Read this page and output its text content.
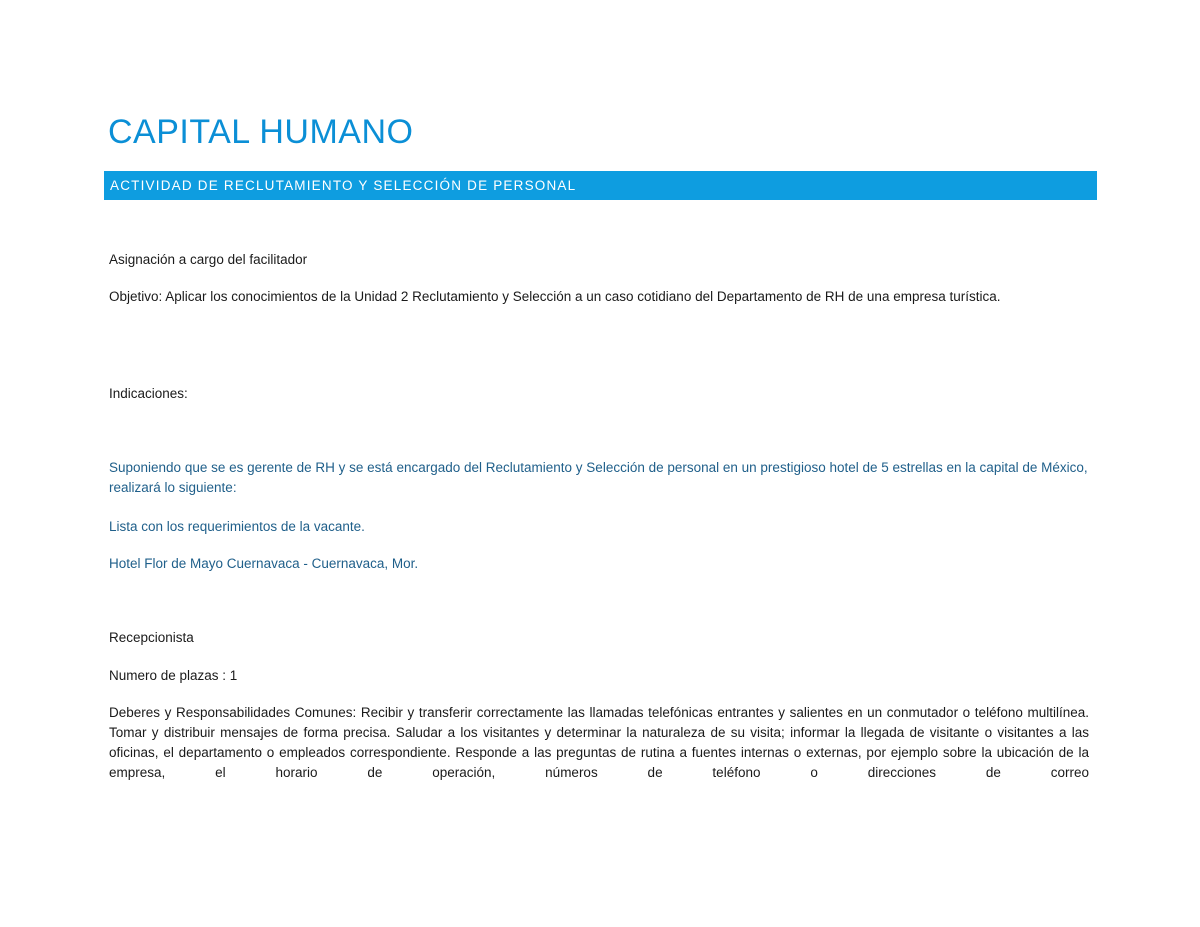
CAPITAL HUMANO
ACTIVIDAD DE RECLUTAMIENTO Y SELECCIÓN DE PERSONAL

Asignación a cargo del facilitador

Objetivo: Aplicar los conocimientos de la Unidad 2 Reclutamiento y Selección a un caso cotidiano del Departamento de RH de una empresa turística.

Indicaciones:

Suponiendo que se es gerente de RH y se está encargado del Reclutamiento y Selección de personal en un prestigioso hotel de 5 estrellas en la capital de México, realizará lo siguiente:

Lista con los requerimientos de la vacante.

Hotel Flor de Mayo Cuernavaca - Cuernavaca, Mor.

Recepcionista

Numero de plazas : 1

Deberes y Responsabilidades Comunes: Recibir y transferir correctamente las llamadas telefónicas entrantes y salientes en un conmutador o teléfono multilínea. Tomar y distribuir mensajes de forma precisa. Saludar a los visitantes y determinar la naturaleza de su visita; informar la llegada de visitante o visitantes a las oficinas, el departamento o empleados correspondiente. Responde a las preguntas de rutina a fuentes internas o externas, por ejemplo sobre la ubicación de la empresa, el horario de operación, números de teléfono o direcciones de correo
